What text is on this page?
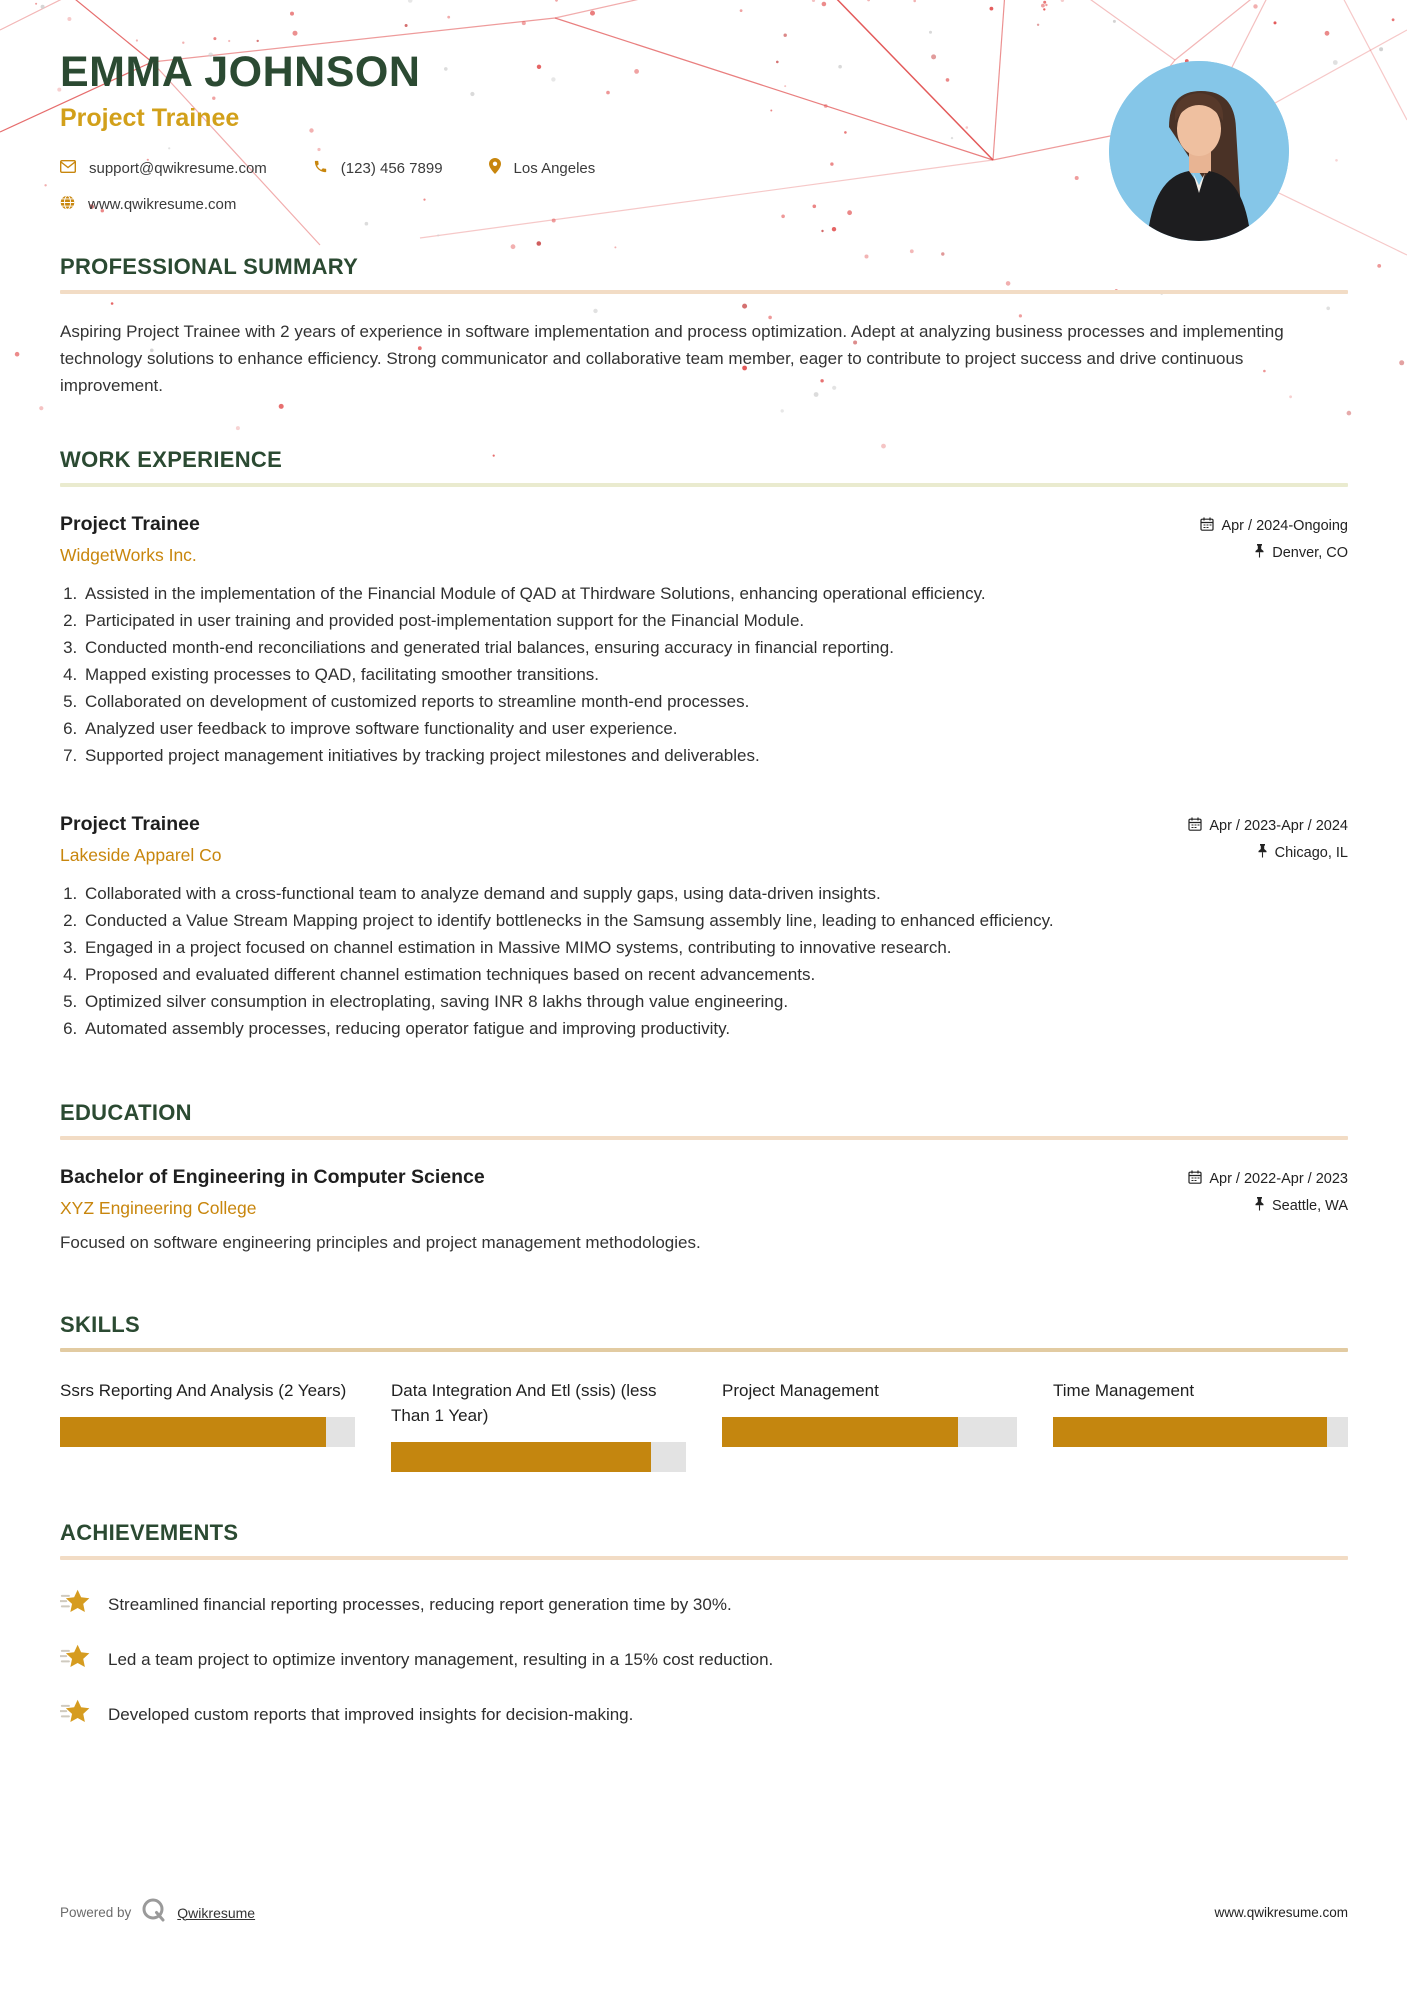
EMMA JOHNSON
Project Trainee
support@qwikresume.com	(123) 456 7899	Los Angeles
www.qwikresume.com
PROFESSIONAL SUMMARY

Aspiring Project Trainee with 2 years of experience in software implementation and process optimization. Adept at analyzing business processes and implementing technology solutions to enhance efficiency. Strong communicator and collaborative team member, eager to contribute to project success and drive continuous improvement.

WORK EXPERIENCE
Project Trainee
WidgetWorks Inc.
Apr / 2024-Ongoing
Denver, CO
1. Assisted in the implementation of the Financial Module of QAD at Thirdware Solutions, enhancing operational efficiency.
2. Participated in user training and provided post-implementation support for the Financial Module.
3. Conducted month-end reconciliations and generated trial balances, ensuring accuracy in financial reporting.
4. Mapped existing processes to QAD, facilitating smoother transitions.
5. Collaborated on development of customized reports to streamline month-end processes.
6. Analyzed user feedback to improve software functionality and user experience.
7. Supported project management initiatives by tracking project milestones and deliverables.
Project Trainee
Lakeside Apparel Co
Apr / 2023-Apr / 2024
Chicago, IL
1. Collaborated with a cross-functional team to analyze demand and supply gaps, using data-driven insights.
2. Conducted a Value Stream Mapping project to identify bottlenecks in the Samsung assembly line, leading to enhanced efficiency.
3. Engaged in a project focused on channel estimation in Massive MIMO systems, contributing to innovative research.
4. Proposed and evaluated different channel estimation techniques based on recent advancements.
5. Optimized silver consumption in electroplating, saving INR 8 lakhs through value engineering.
6. Automated assembly processes, reducing operator fatigue and improving productivity.
EDUCATION
Bachelor of Engineering in Computer Science
XYZ Engineering College
Apr / 2022-Apr / 2023
Seattle, WA

Focused on software engineering principles and project management methodologies.

SKILLS
Ssrs Reporting And Analysis (2 Years)	Data Integration And Etl (ssis) (less Than 1 Year)
Project Management	Time Management
ACHIEVEMENTS
Streamlined financial reporting processes, reducing report generation time by 30%.
Led a team project to optimize inventory management, resulting in a 15% cost reduction.
Developed custom reports that improved insights for decision-making.
Powered by	Qwikresume	www.qwikresume.com
